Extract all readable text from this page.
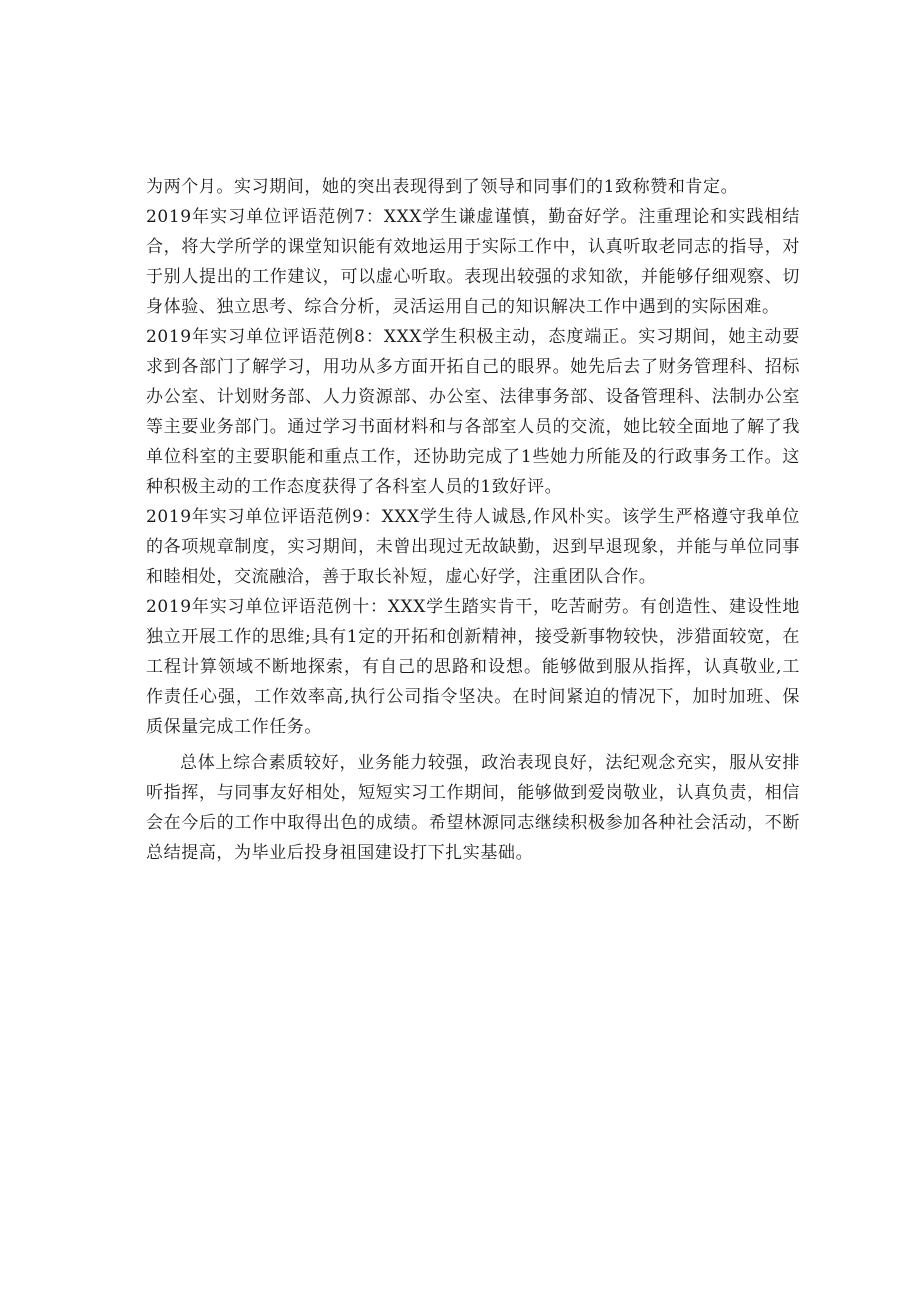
为两个月。实习期间，她的突出表现得到了领导和同事们的1致称赞和肯定。

2019年实习单位评语范例7：XXX学生谦虚谨慎，勤奋好学。注重理论和实践相结合，将大学所学的课堂知识能有效地运用于实际工作中，认真听取老同志的指导，对于别人提出的工作建议，可以虚心听取。表现出较强的求知欲，并能够仔细观察、切身体验、独立思考、综合分析，灵活运用自己的知识解决工作中遇到的实际困难。

2019年实习单位评语范例8：XXX学生积极主动，态度端正。实习期间，她主动要求到各部门了解学习，用功从多方面开拓自己的眼界。她先后去了财务管理科、招标办公室、计划财务部、人力资源部、办公室、法律事务部、设备管理科、法制办公室等主要业务部门。通过学习书面材料和与各部室人员的交流，她比较全面地了解了我单位科室的主要职能和重点工作，还协助完成了1些她力所能及的行政事务工作。这种积极主动的工作态度获得了各科室人员的1致好评。

2019年实习单位评语范例9：XXX学生待人诚恳,作风朴实。该学生严格遵守我单位的各项规章制度，实习期间，未曾出现过无故缺勤，迟到早退现象，并能与单位同事和睦相处，交流融洽，善于取长补短，虚心好学，注重团队合作。

2019年实习单位评语范例十：XXX学生踏实肯干，吃苦耐劳。有创造性、建设性地独立开展工作的思维;具有1定的开拓和创新精神，接受新事物较快，涉猎面较宽，在工程计算领域不断地探索，有自己的思路和设想。能够做到服从指挥，认真敬业,工作责任心强，工作效率高,执行公司指令坚决。在时间紧迫的情况下，加时加班、保质保量完成工作任务。

总体上综合素质较好，业务能力较强，政治表现良好，法纪观念充实，服从安排听指挥，与同事友好相处，短短实习工作期间，能够做到爱岗敬业，认真负责，相信会在今后的工作中取得出色的成绩。希望林源同志继续积极参加各种社会活动，不断总结提高，为毕业后投身祖国建设打下扎实基础。
